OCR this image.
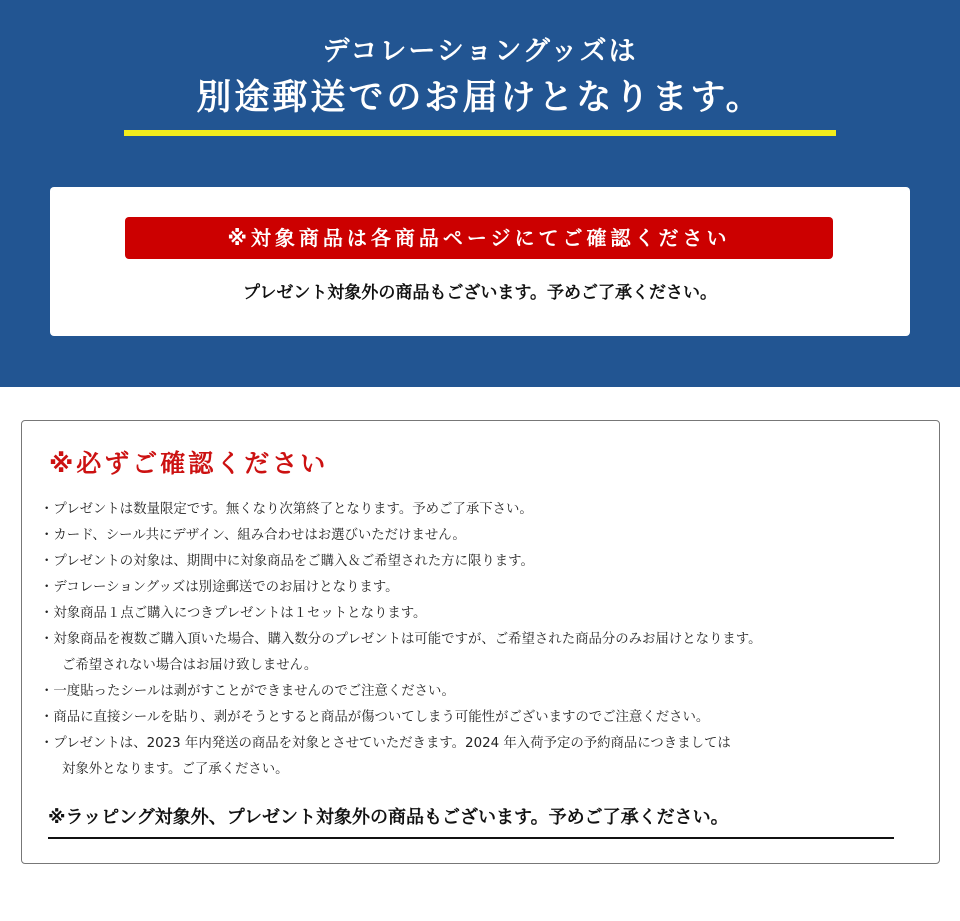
デコレーショングッズは
別途郵送でのお届けとなります。
※対象商品は各商品ページにてご確認ください
プレゼント対象外の商品もございます。予めご了承ください。
※必ずご確認ください
・プレゼントは数量限定です。無くなり次第終了となります。予めご了承下さい。
・カード、シール共にデザイン、組み合わせはお選びいただけません。
・プレゼントの対象は、期間中に対象商品をご購入＆ご希望された方に限ります。
・デコレーショングッズは別途郵送でのお届けとなります。
・対象商品１点ご購入につきプレゼントは１セットとなります。
・対象商品を複数ご購入頂いた場合、購入数分のプレゼントは可能ですが、ご希望された商品分のみお届けとなります。
ご希望されない場合はお届け致しません。
・一度貼ったシールは剥がすことができませんのでご注意ください。
・商品に直接シールを貼り、剥がそうとすると商品が傷ついてしまう可能性がございますのでご注意ください。
・プレゼントは、2023 年内発送の商品を対象とさせていただきます。2024 年入荷予定の予約商品につきましては
対象外となります。ご了承ください。
※ラッピング対象外、プレゼント対象外の商品もございます。予めご了承ください。
